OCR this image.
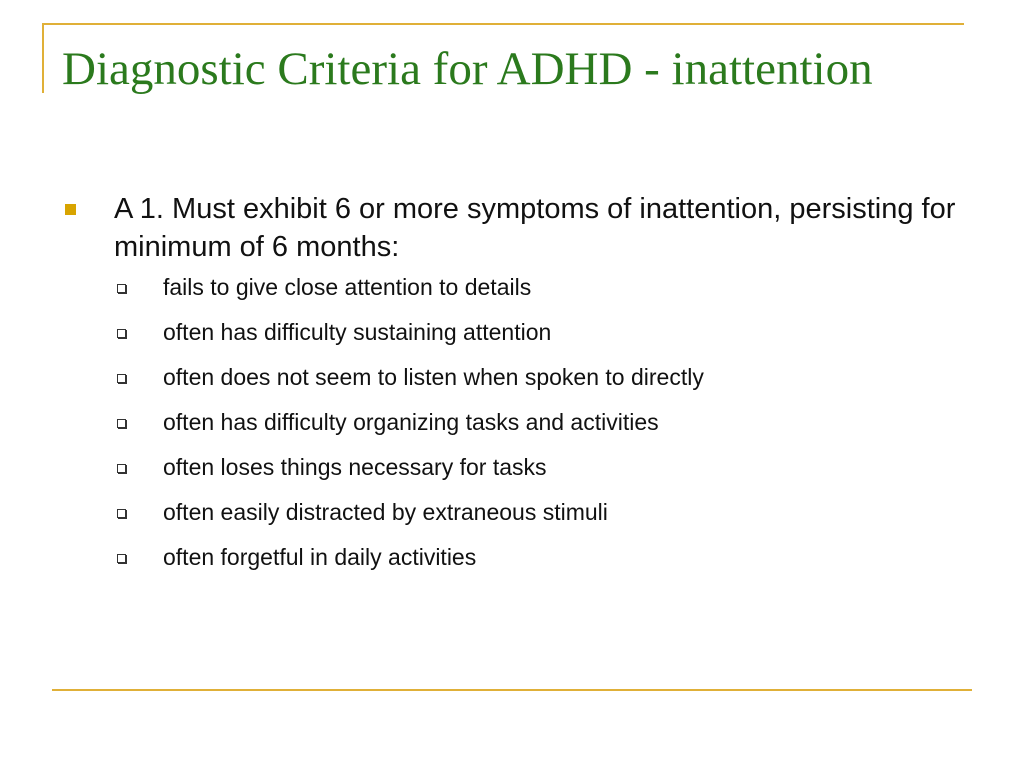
Diagnostic Criteria for ADHD - inattention
A 1. Must exhibit 6 or more symptoms of inattention, persisting for minimum of 6 months:
fails to give close attention to details
often has difficulty sustaining attention
often does not seem to listen when spoken to directly
often has difficulty organizing tasks and activities
often loses things necessary for tasks
often easily distracted by extraneous stimuli
often forgetful in daily activities
